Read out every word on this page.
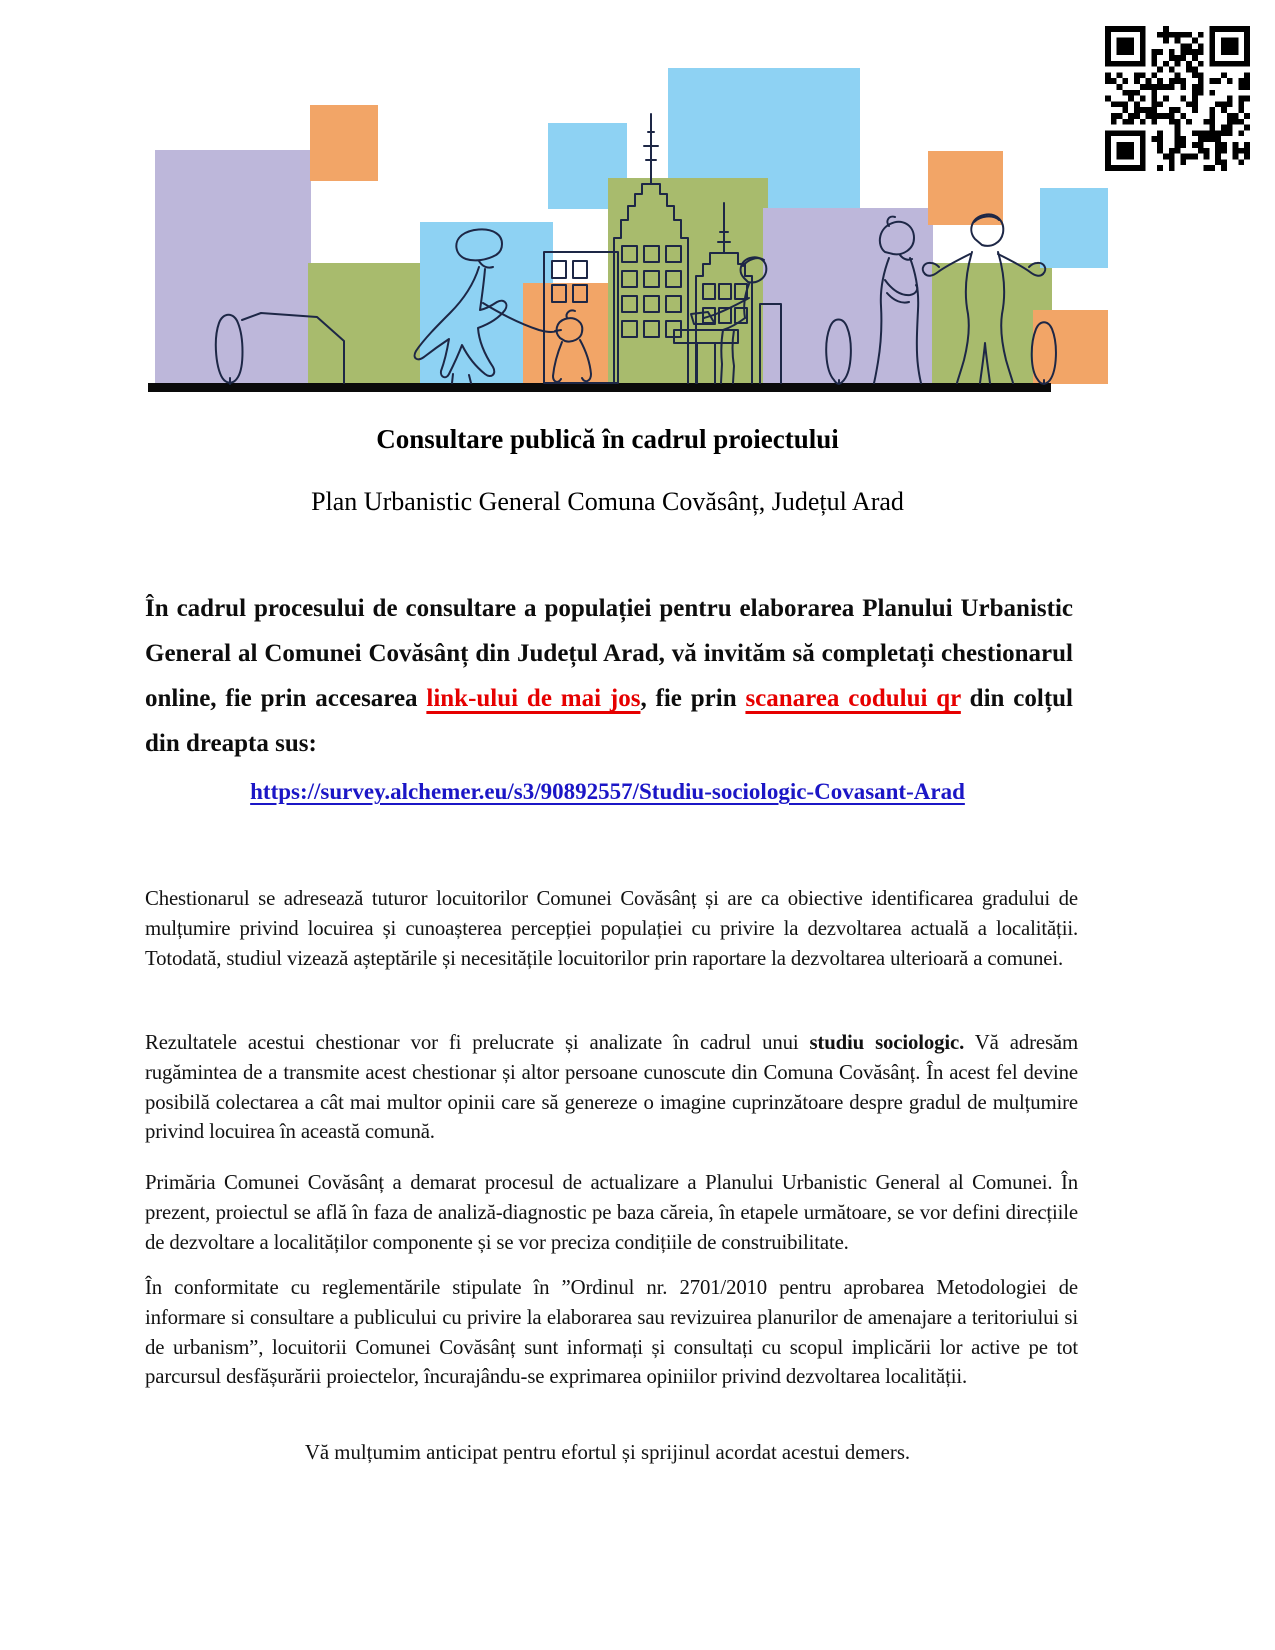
Consultare publică în cadrul proiectului
Plan Urbanistic General Comuna Covăsânț, Județul Arad

În cadrul procesului de consultare a populației pentru elaborarea Planului Urbanistic General al Comunei Covăsânț din Județul Arad, vă invităm să completați chestionarul online, fie prin accesarea link-ului de mai jos, fie prin scanarea codului qr din colțul din dreapta sus:

https://survey.alchemer.eu/s3/90892557/Studiu-sociologic-Covasant-Arad

Chestionarul se adresează tuturor locuitorilor Comunei Covăsânț și are ca obiective identificarea gradului de mulțumire privind locuirea și cunoașterea percepției populației cu privire la dezvoltarea actuală a localității. Totodată, studiul vizează așteptările și necesitățile locuitorilor prin raportare la dezvoltarea ulterioară a comunei.

Rezultatele acestui chestionar vor fi prelucrate și analizate în cadrul unui studiu sociologic. Vă adresăm rugămintea de a transmite acest chestionar și altor persoane cunoscute din Comuna Covăsânț. În acest fel devine posibilă colectarea a cât mai multor opinii care să genereze o imagine cuprinzătoare despre gradul de mulțumire privind locuirea în această comună.

Primăria Comunei Covăsânț a demarat procesul de actualizare a Planului Urbanistic General al Comunei. În prezent, proiectul se află în faza de analiză-diagnostic pe baza căreia, în etapele următoare, se vor defini direcțiile de dezvoltare a localităților componente și se vor preciza condițiile de construibilitate.

În conformitate cu reglementările stipulate în ”Ordinul nr. 2701/2010 pentru aprobarea Metodologiei de informare si consultare a publicului cu privire la elaborarea sau revizuirea planurilor de amenajare a teritoriului si de urbanism”, locuitorii Comunei Covăsânț sunt informați și consultați cu scopul implicării lor active pe tot parcursul desfășurării proiectelor, încurajându-se exprimarea opiniilor privind dezvoltarea localității.

Vă mulțumim anticipat pentru efortul și sprijinul acordat acestui demers.
